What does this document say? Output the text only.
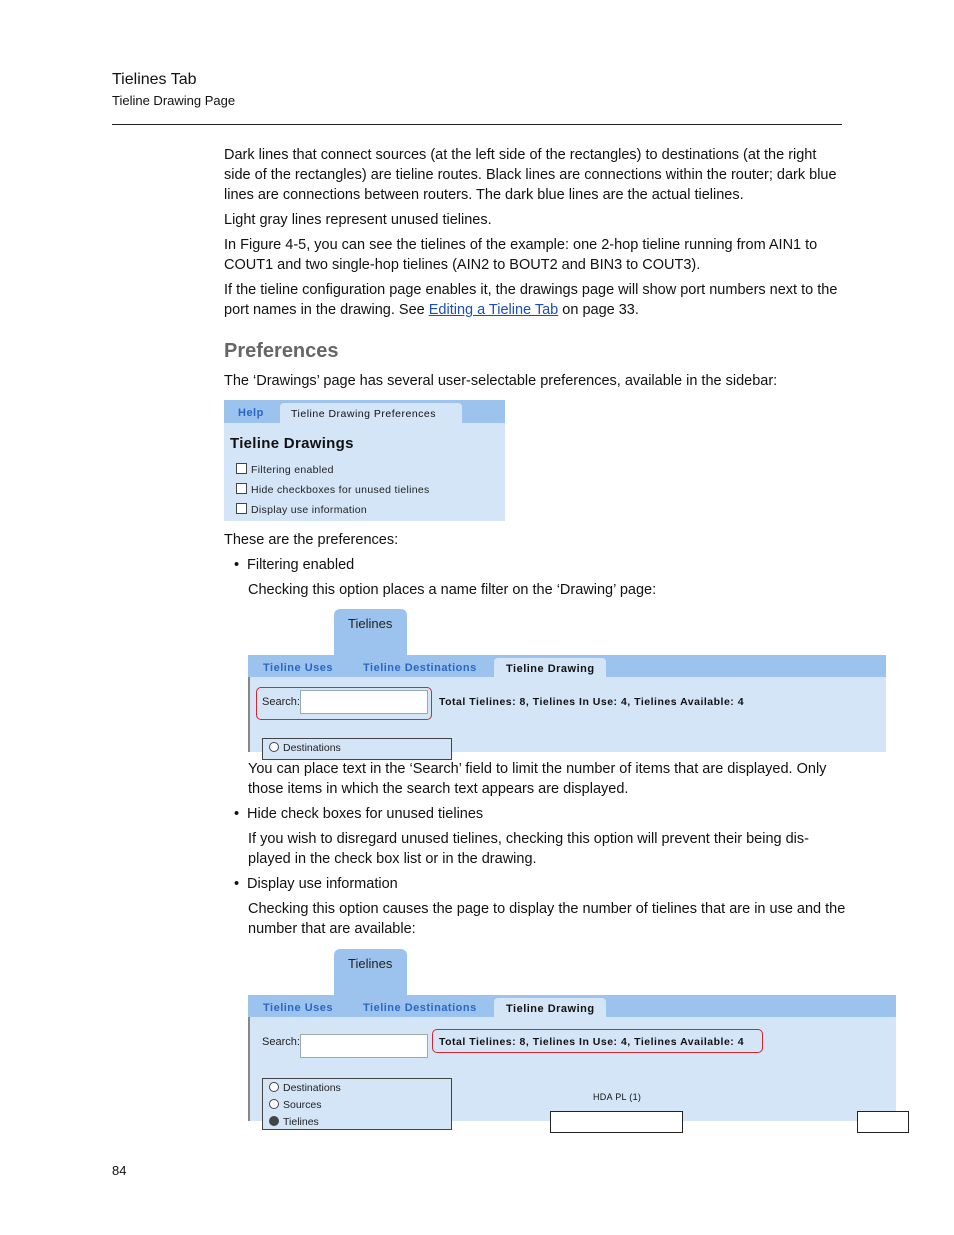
Tielines Tab
Tieline Drawing Page

Dark lines that connect sources (at the left side of the rectangles) to destinations (at the right side of the rectangles) are tieline routes. Black lines are connections within the router; dark blue lines are connections between routers. The dark blue lines are the actual tielines.

Light gray lines represent unused tielines.

In Figure 4-5, you can see the tielines of the example: one 2-hop tieline running from AIN1 to COUT1 and two single-hop tielines (AIN2 to BOUT2 and BIN3 to COUT3).

If the tieline configuration page enables it, the drawings page will show port numbers next to the port names in the drawing. See Editing a Tieline Tab on page 33.

Preferences

The ‘Drawings’ page has several user-selectable preferences, available in the sidebar:

Help	Tieline Drawing Preferences
Tieline Drawings
Filtering enabled
Hide checkboxes for unused tielines
Display use information

These are the preferences:

• Filtering enabled
Checking this option places a name filter on the ‘Drawing’ page:
Tielines
Tieline Uses	Tieline Destinations	Tieline Drawing
Search:	Total Tielines: 8, Tielines In Use: 4, Tielines Available: 4
Destinations
You can place text in the ‘Search’ field to limit the number of items that are displayed. Only those items in which the search text appears are displayed.
• Hide check boxes for unused tielines
If you wish to disregard unused tielines, checking this option will prevent their being dis- played in the check box list or in the drawing.
• Display use information
Checking this option causes the page to display the number of tielines that are in use and the number that are available:
Tielines
Tieline Uses	Tieline Destinations	Tieline Drawing
Search:	Total Tielines: 8, Tielines In Use: 4, Tielines Available: 4
Destinations
Sources
Tielines
HDA PL (1)
84
